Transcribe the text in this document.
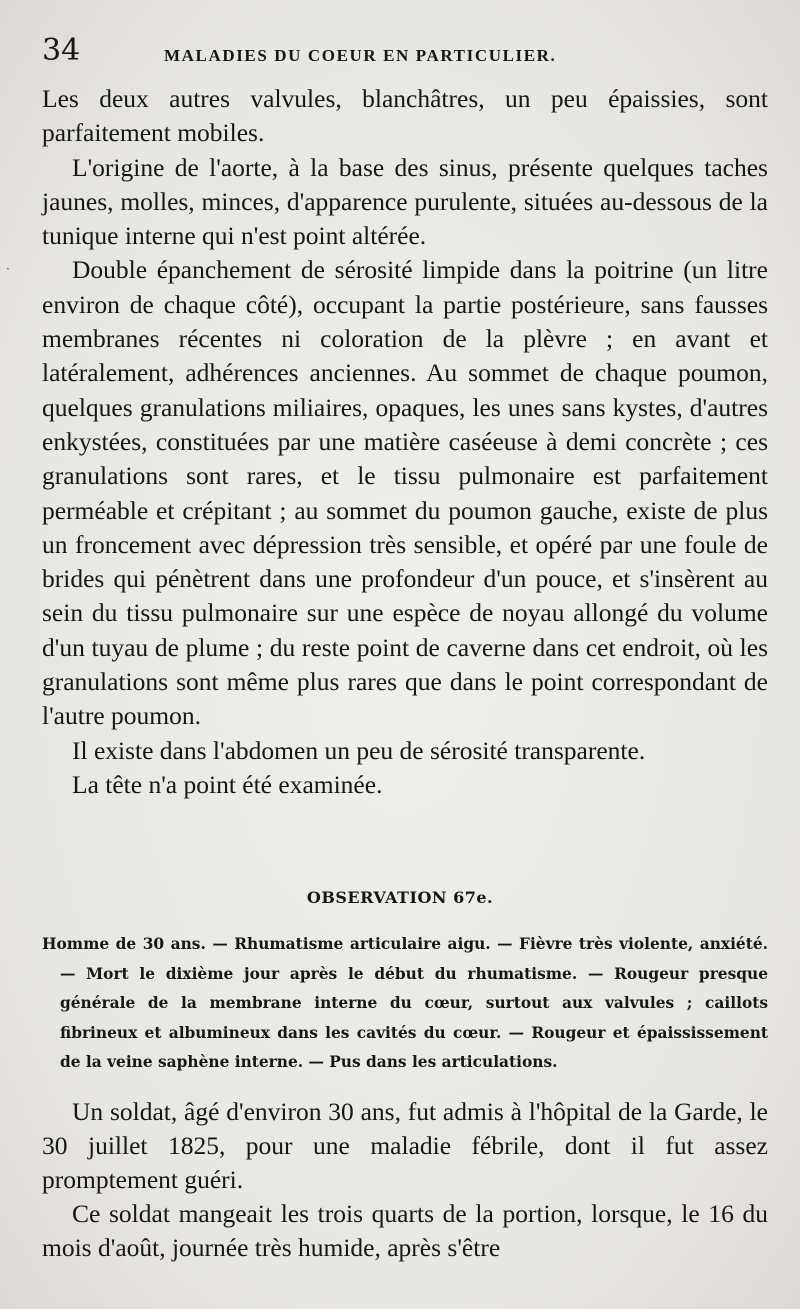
34	MALADIES DU COEUR EN PARTICULIER.
·

Les deux autres valvules, blanchâtres, un peu épaissies, sont parfaitement mobiles.

L'origine de l'aorte, à la base des sinus, présente quelques taches jaunes, molles, minces, d'apparence purulente, situées au-dessous de la tunique interne qui n'est point altérée.

Double épanchement de sérosité limpide dans la poitrine (un litre environ de chaque côté), occupant la partie postérieure, sans fausses membranes récentes ni coloration de la plèvre ; en avant et latéralement, adhérences anciennes. Au sommet de chaque poumon, quelques granulations miliaires, opaques, les unes sans kystes, d'autres enkystées, constituées par une matière caséeuse à demi concrète ; ces granulations sont rares, et le tissu pulmonaire est parfaitement perméable et crépitant ; au sommet du poumon gauche, existe de plus un froncement avec dépression très sensible, et opéré par une foule de brides qui pénètrent dans une profondeur d'un pouce, et s'insèrent au sein du tissu pulmonaire sur une espèce de noyau allongé du volume d'un tuyau de plume ; du reste point de caverne dans cet endroit, où les granulations sont même plus rares que dans le point correspondant de l'autre poumon.

Il existe dans l'abdomen un peu de sérosité transparente.

La tête n'a point été examinée.

OBSERVATION 67e.

Homme de 30 ans. — Rhumatisme articulaire aigu. — Fièvre très violente, anxiété. — Mort le dixième jour après le début du rhumatisme. — Rougeur presque générale de la membrane interne du cœur, surtout aux valvules ; caillots fibrineux et albumineux dans les cavités du cœur. — Rougeur et épaississement de la veine saphène interne. — Pus dans les articulations.

Un soldat, âgé d'environ 30 ans, fut admis à l'hôpital de la Garde, le 30 juillet 1825, pour une maladie fébrile, dont il fut assez promptement guéri.

Ce soldat mangeait les trois quarts de la portion, lorsque, le 16 du mois d'août, journée très humide, après s'être
